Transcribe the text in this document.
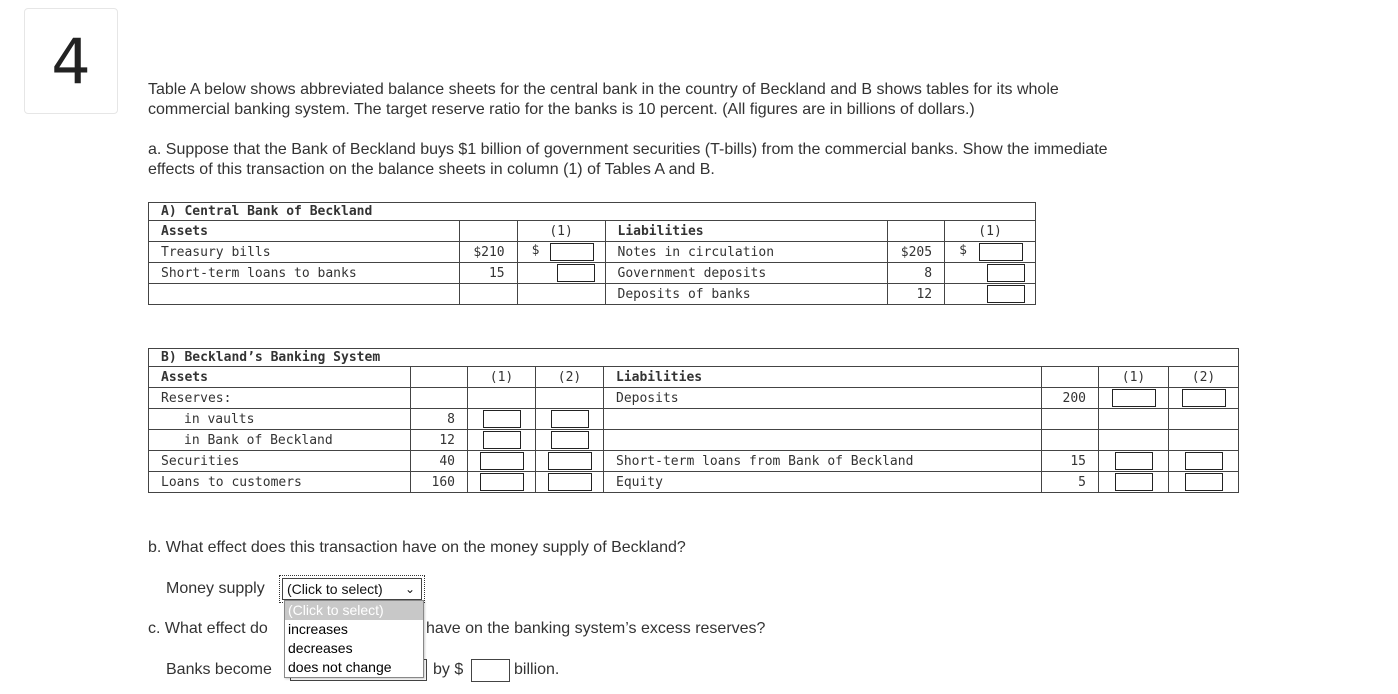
4	Table A below shows abbreviated balance sheets for the central bank in the country of Beckland and B shows tables for its whole
commercial banking system. The target reserve ratio for the banks is 10 percent. (All figures are in billions of dollars.)
a. Suppose that the Bank of Beckland buys $1 billion of government securities (T-bills) from the commercial banks. Show the immediate
effects of this transaction on the balance sheets in column (1) of Tables A and B.
A) Central Bank of Beckland					
Assets		(1)	Liabilities		(1)
Treasury bills	$210	$	Notes in circulation	$205	$

Short-term loans to banks	15		Government deposits	8	
			Deposits of banks	12	
B) Beckland’s Banking System							
Assets		(1)	(2)	Liabilities		(1)	(2)
Reserves:				Deposits	200		
in vaults	8						
in Bank of Beckland	12						
Securities	40			Short-term loans from Bank of Beckland	15		
Loans to customers	160			Equity	5		
b. What effect does this transaction have on the money supply of Beckland?
Money supply	(Click to select) ⌄
c. What effect do	have on the banking system’s excess reserves?
Banks become	by $	billion.
(Click to select)
increases
decreases
does not change
